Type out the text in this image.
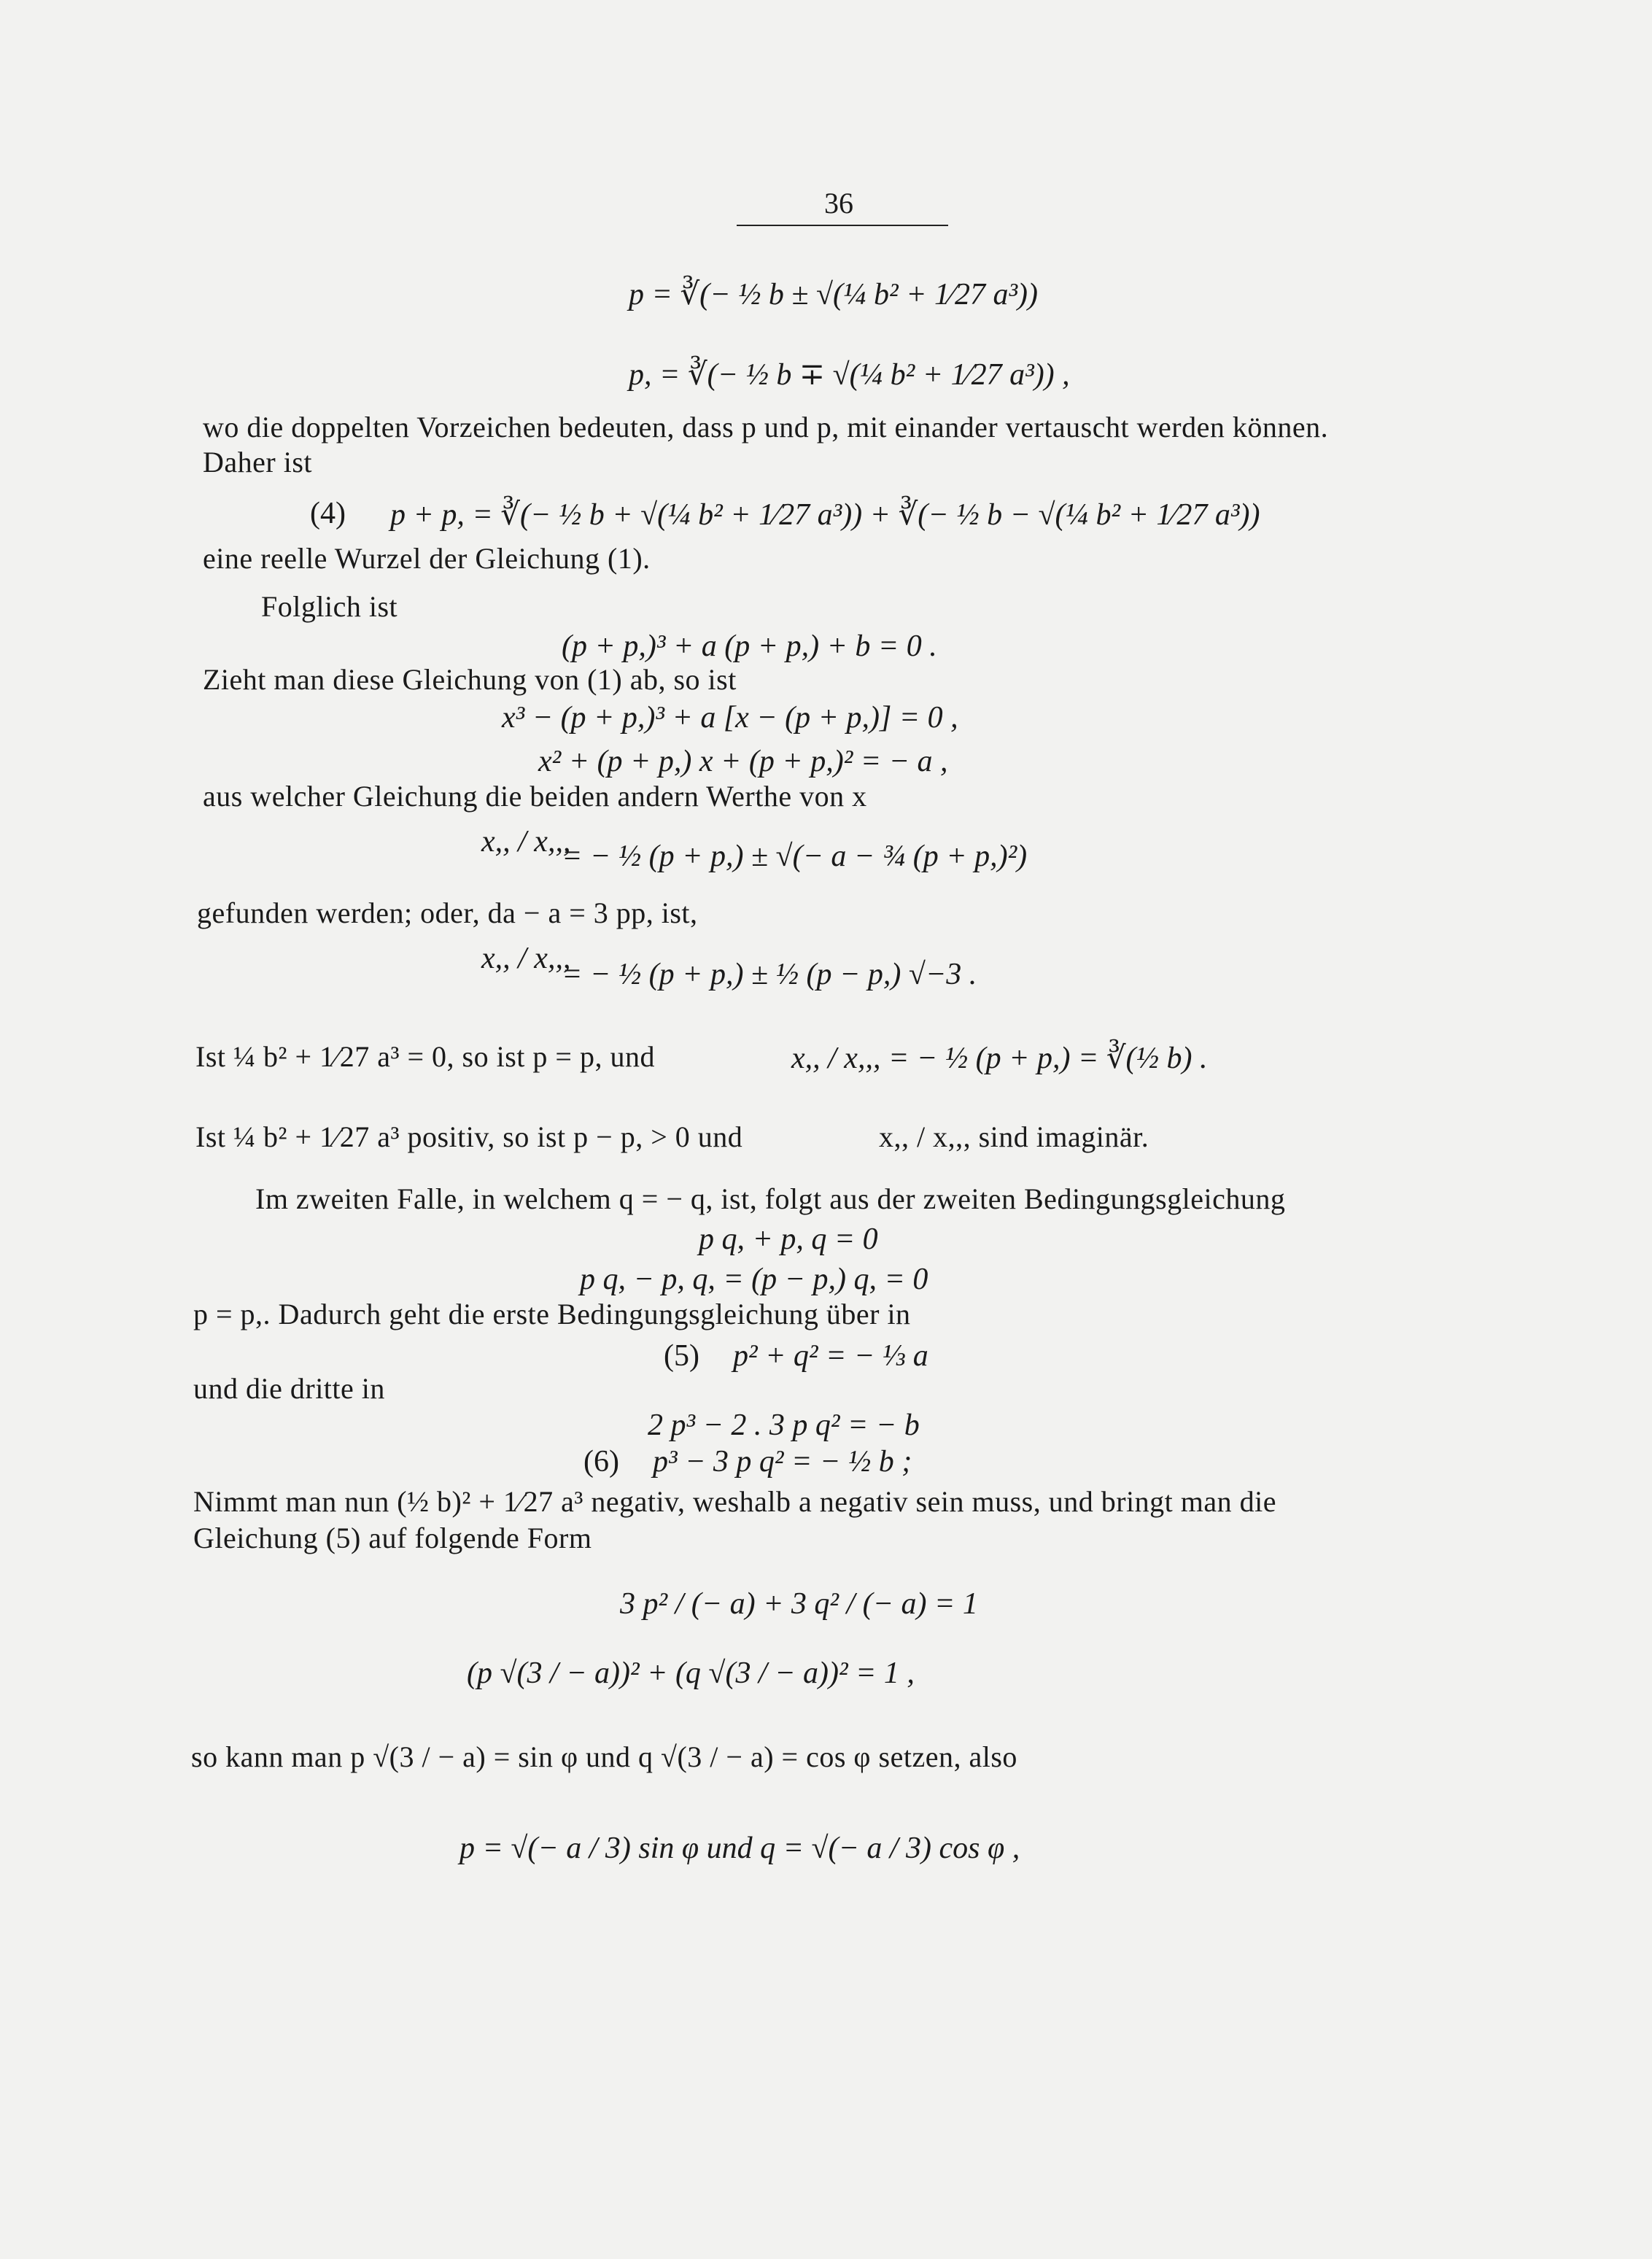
36
p = ∛(− ½ b ± √(¼ b² + 1⁄27 a³))
p, = ∛(− ½ b ∓ √(¼ b² + 1⁄27 a³)) ,
wo die doppelten Vorzeichen bedeuten, dass p und p, mit einander vertauscht werden können.
Daher ist
(4) p + p, = ∛(− ½ b + √(¼ b² + 1⁄27 a³)) + ∛(− ½ b − √(¼ b² + 1⁄27 a³))
eine reelle Wurzel der Gleichung (1).
Folglich ist
(p + p,)³ + a (p + p,) + b = 0 .
Zieht man diese Gleichung von (1) ab, so ist
x³ − (p + p,)³ + a [x − (p + p,)] = 0 ,
x² + (p + p,) x + (p + p,)² = − a ,
aus welcher Gleichung die beiden andern Werthe von x
x,, / x,,,
= − ½ (p + p,) ± √(− a − ¾ (p + p,)²)
gefunden werden; oder, da − a = 3 pp, ist,
x,, / x,,,
= − ½ (p + p,) ± ½ (p − p,) √−3 .
Ist ¼ b² + 1⁄27 a³ = 0, so ist p = p, und	x,, / x,,, = − ½ (p + p,) = ∛(½ b) .
Ist ¼ b² + 1⁄27 a³ positiv, so ist p − p, > 0 und	x,, / x,,, sind imaginär.
Im zweiten Falle, in welchem q = − q, ist, folgt aus der zweiten Bedingungsgleichung
p q, + p, q = 0
p q, − p, q, = (p − p,) q, = 0
p = p,. Dadurch geht die erste Bedingungsgleichung über in
(5) p² + q² = − ⅓ a
und die dritte in
2 p³ − 2 . 3 p q² = − b
(6) p³ − 3 p q² = − ½ b ;
Nimmt man nun (½ b)² + 1⁄27 a³ negativ, weshalb a negativ sein muss, und bringt man die
Gleichung (5) auf folgende Form
3 p² / (− a) + 3 q² / (− a) = 1
(p √(3 / − a))² + (q √(3 / − a))² = 1 ,
so kann man p √(3 / − a) = sin φ und q √(3 / − a) = cos φ setzen, also
p = √(− a / 3) sin φ und q = √(− a / 3) cos φ ,
